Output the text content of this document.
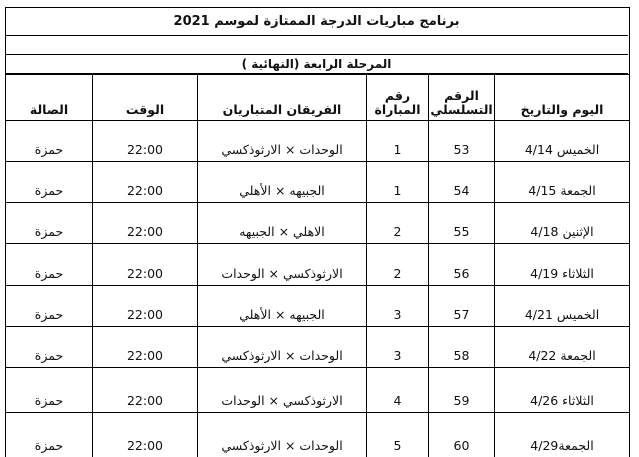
برنامج مباريات الدرجة الممتازة لموسم 2021
المرحلة الرابعة (النهائية )
اليوم والتاريخ	الرقم التسلسلي	رقم المباراة	الفريقان المتباريان	الوقت	الصالة
الخميس 4/14	53	1	الوحدات × الارثوذكسي	22:00	حمزة
الجمعة 4/15	54	1	الجبيهه × الأهلي	22:00	حمزة
الإثنين 4/18	55	2	الاهلي × الجبيهه	22:00	حمزة
الثلاثاء 4/19	56	2	الارثوذكسي × الوحدات	22:00	حمزة
الخميس 4/21	57	3	الجبيهه × الأهلي	22:00	حمزة
الجمعة 4/22	58	3	الوحدات × الارثوذكسي	22:00	حمزة
الثلاثاء 4/26	59	4	الارثوذكسي × الوحدات	22:00	حمزة
الجمعة4/29	60	5	الوحدات × الارثوذكسي	22:00	حمزة
